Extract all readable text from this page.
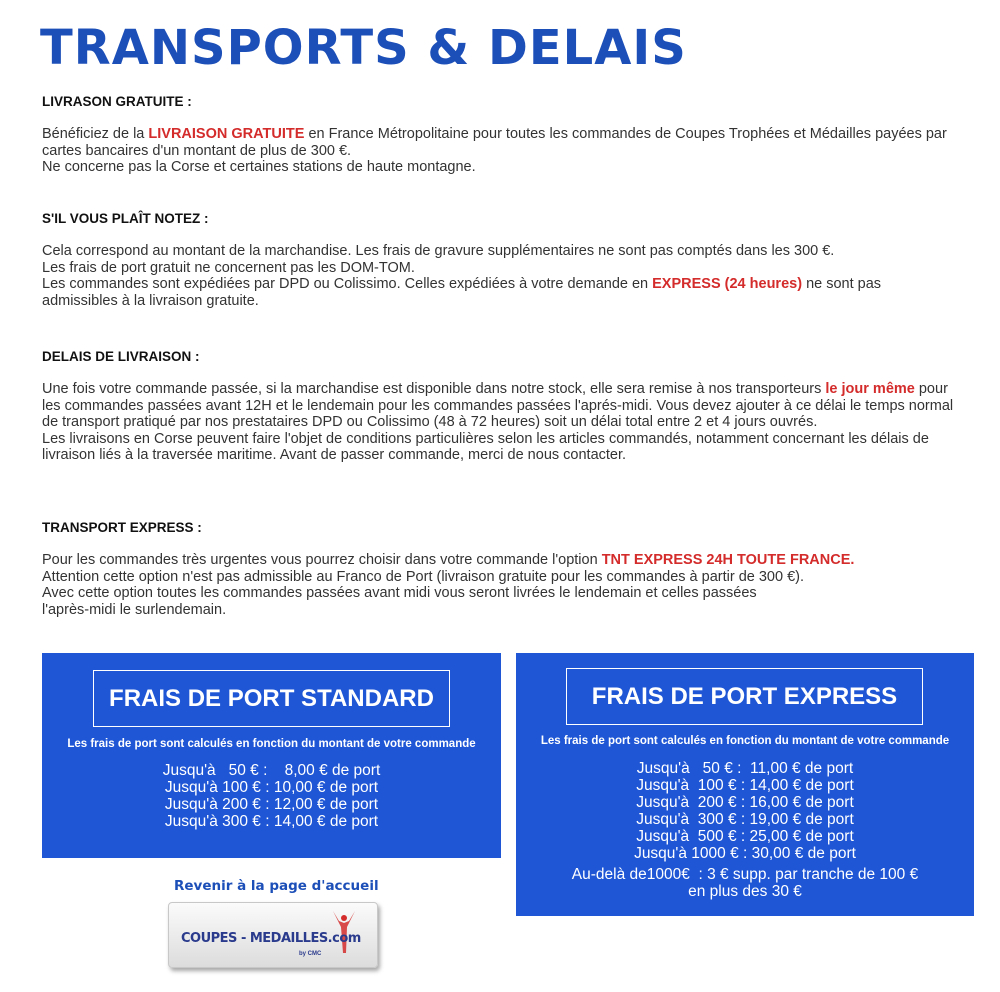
TRANSPORTS & DELAIS
LIVRASON GRATUITE :

Bénéficiez de la LIVRAISON GRATUITE en France Métropolitaine pour toutes les commandes de Coupes Trophées et Médailles payées par cartes bancaires d'un montant de plus de 300 €.

Ne concerne pas la Corse et certaines stations de haute montagne.

S'IL VOUS PLAÎT NOTEZ :

Cela correspond au montant de la marchandise. Les frais de gravure supplémentaires ne sont pas comptés dans les 300 €.

Les frais de port gratuit ne concernent pas les DOM-TOM.

Les commandes sont expédiées par DPD ou Colissimo. Celles expédiées à votre demande en EXPRESS (24 heures) ne sont pas admissibles à la livraison gratuite.

DELAIS DE LIVRAISON :

Une fois votre commande passée, si la marchandise est disponible dans notre stock, elle sera remise à nos transporteurs le jour même pour les commandes passées avant 12H et le lendemain pour les commandes passées l'aprés-midi. Vous devez ajouter à ce délai le temps normal de transport pratiqué par nos prestataires DPD ou Colissimo (48 à 72 heures) soit un délai total entre 2 et 4 jours ouvrés.

Les livraisons en Corse peuvent faire l'objet de conditions particulières selon les articles commandés, notamment concernant les délais de livraison liés à la traversée maritime. Avant de passer commande, merci de nous contacter.

TRANSPORT EXPRESS :

Pour les commandes très urgentes vous pourrez choisir dans votre commande l'option TNT EXPRESS 24H TOUTE FRANCE.

Attention cette option n'est pas admissible au Franco de Port (livraison gratuite pour les commandes à partir de 300 €).

Avec cette option toutes les commandes passées avant midi vous seront livrées le lendemain et celles passées

l'après-midi le surlendemain.

FRAIS DE PORT STANDARD
Les frais de port sont calculés en fonction du montant de votre commande
Jusqu'à   50 € :    8,00 € de port
Jusqu'à 100 € : 10,00 € de port
Jusqu'à 200 € : 12,00 € de port
Jusqu'à 300 € : 14,00 € de port
FRAIS DE PORT EXPRESS
Les frais de port sont calculés en fonction du montant de votre commande
Jusqu'à   50 € :  11,00 € de port
Jusqu'à  100 € : 14,00 € de port
Jusqu'à  200 € : 16,00 € de port
Jusqu'à  300 € : 19,00 € de port
Jusqu'à  500 € : 25,00 € de port
Jusqu'à 1000 € : 30,00 € de port
Au-delà de1000€  : 3 € supp. par tranche de 100 €
en plus des 30 €
Revenir à la page d'accueil
COUPES - MEDAILLES.com
by CMC
